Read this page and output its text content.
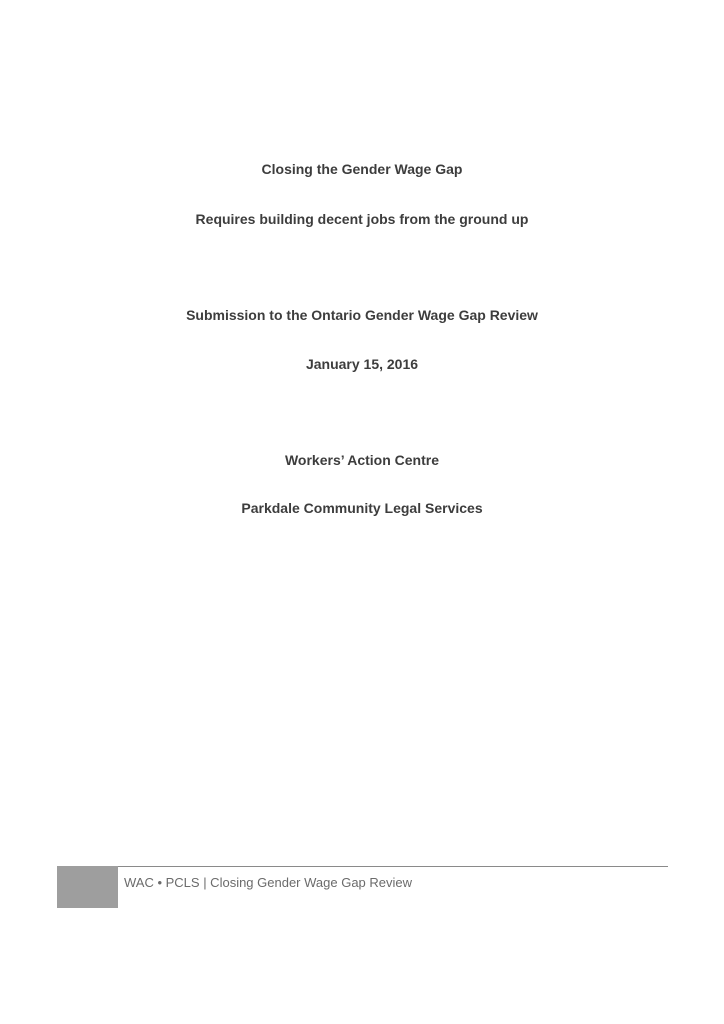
Closing the Gender Wage Gap
Requires building decent jobs from the ground up
Submission to the Ontario Gender Wage Gap Review
January 15, 2016
Workers’ Action Centre
Parkdale Community Legal Services
WAC • PCLS | Closing Gender Wage Gap Review
